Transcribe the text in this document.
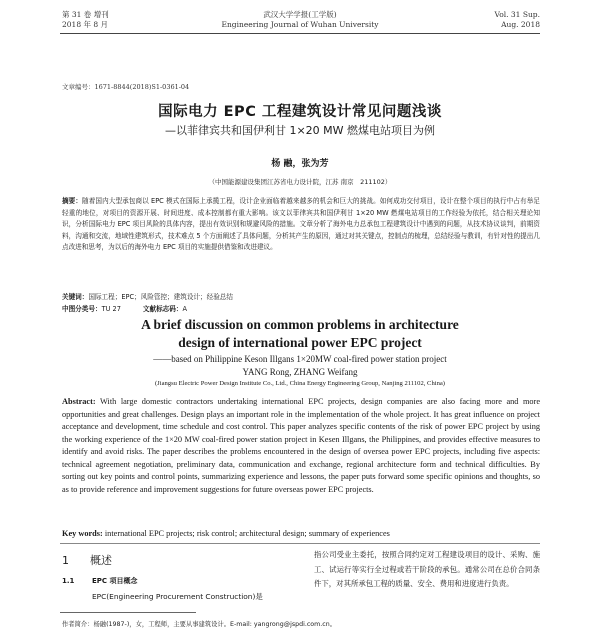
第 31 卷 增刊
2018 年 8 月
武汉大学学报(工学版)
Engineering Journal of Wuhan University
Vol. 31 Sup.
Aug. 2018
文章编号：1671-8844(2018)S1-0361-04
国际电力 EPC 工程建筑设计常见问题浅谈
—以菲律宾共和国伊利甘 1×20 MW 燃煤电站项目为例
杨 融，张为芳
（中国能源建设集团江苏省电力设计院，江苏 南京　211102）
摘要：随着国内大型承包商以 EPC 模式在国际上承揽工程，设计企业面临着越来越多的机会和巨大的挑战。如何成功交付项目，设计在整个项目的执行中占有举足轻重的地位，对项目的资源开展、时间进度、成本控制都有重大影响。该文以菲律宾共和国伊利甘 1×20 MW 燃煤电站项目的工作经验为依托，结合相关理论知识，分析国际电力 EPC 项目风险的具体内容，提出有效识别和规避风险的措施。文章分析了海外电力总承包工程建筑设计中遇到的问题，从技术协议谈判，前期资料，沟通和交流，地域性建筑形式，技术难点 5 个方面阐述了具体问题，分析其产生的原因，通过对其关键点，控制点的梳理，总结经验与教训，有针对性的提出几点改进和思考，为以后的海外电力 EPC 项目的实施提供借鉴和改进建议。
关键词：国际工程；EPC；风险管控；建筑设计；经验总结
中图分类号：TU 27	文献标志码：A
A brief discussion on common problems in architecture
design of international power EPC project
——based on Philippine Keson Illgans 1×20MW coal-fired power station project
YANG Rong, ZHANG Weifang
(Jiangsu Electric Power Design Institute Co., Ltd., China Energy Engineering Group, Nanjing 211102, China)
Abstract: With large domestic contractors undertaking international EPC projects, design companies are also facing more and more opportunities and great challenges. Design plays an important role in the implementation of the whole project. It has great influence on project acceptance and development, time schedule and cost control. This paper analyzes specific contents of the risk of power EPC project by using the working experience of the 1×20 MW coal-fired power station project in Kesen Illgans, the Philippines, and provides effective measures to identify and avoid risks. The paper describes the problems encountered in the design of oversea power EPC projects, including five aspects: technical agreement negotiation, preliminary data, communication and exchange, regional architecture form and technical difficulties. By sorting out key points and control points, summarizing experience and lessons, the paper puts forward some specific opinions and thoughts, so as to provide reference and improvement suggestions for future overseas power EPC projects.
Key words: international EPC projects; risk control; architectural design; summary of experiences
1 概述
1.1	EPC 项目概念
EPC(Engineering Procurement Construction)是
指公司受业主委托，按照合同约定对工程建设项目的设计、采购、施工、试运行等实行全过程或若干阶段的承包。通常公司在总价合同条件下，对其所承包工程的质量、安全、费用和进度进行负责。
作者简介：杨融(1987-)，女，工程师，主要从事建筑设计。E-mail: yangrong@jspdi.com.cn。
